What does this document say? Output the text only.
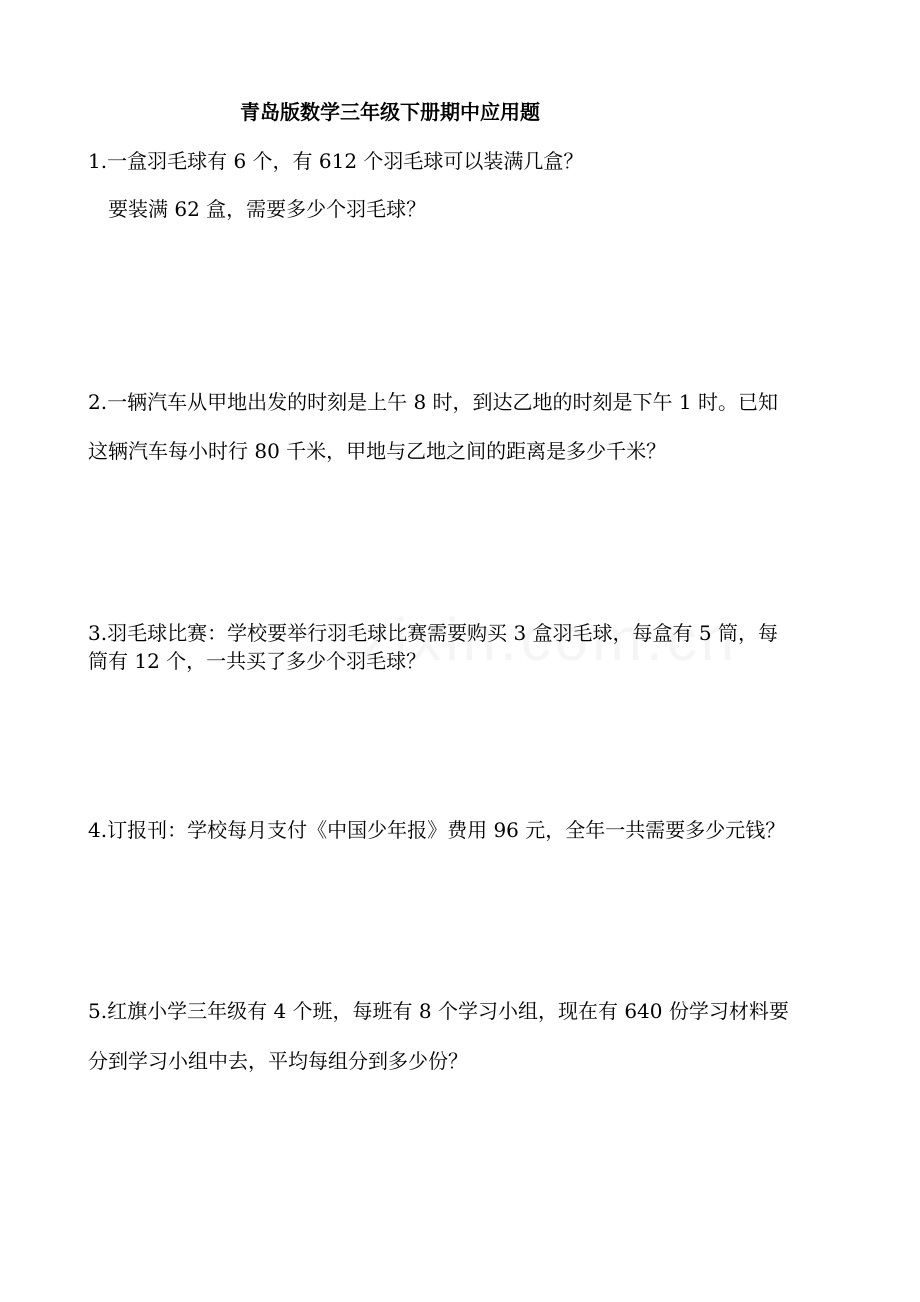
青岛版数学三年级下册期中应用题
1.一盒羽毛球有 6 个，有 612 个羽毛球可以装满几盒？
要装满 62 盒，需要多少个羽毛球？
2.一辆汽车从甲地出发的时刻是上午 8 时，到达乙地的时刻是下午 1 时。已知
这辆汽车每小时行 80 千米，甲地与乙地之间的距离是多少千米？
3.羽毛球比赛：学校要举行羽毛球比赛需要购买 3 盒羽毛球，每盒有 5 筒，每
筒有 12 个，一共买了多少个羽毛球？
4.订报刊：学校每月支付《中国少年报》费用 96 元，全年一共需要多少元钱？
5.红旗小学三年级有 4 个班，每班有 8 个学习小组，现在有 640 份学习材料要
分到学习小组中去，平均每组分到多少份？
